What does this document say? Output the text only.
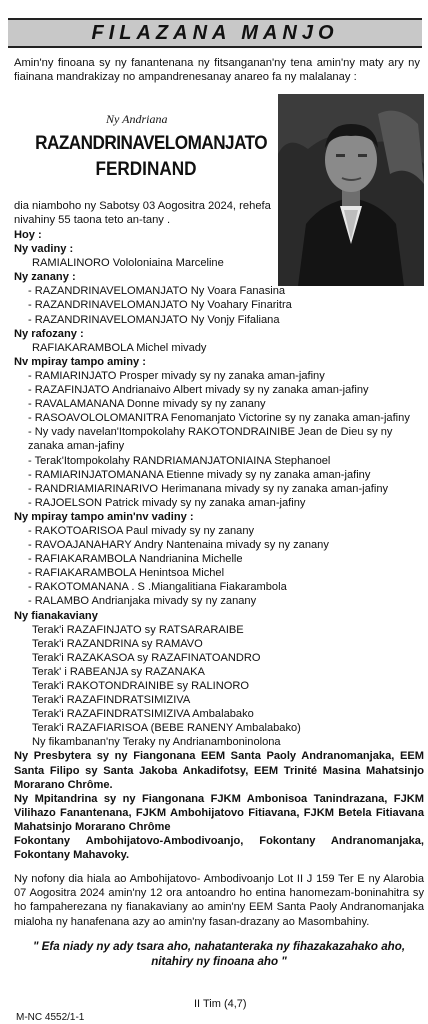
FILAZANA MANJO
Amin'ny finoana sy ny fanantenana ny fitsanganan'ny tena amin'ny maty ary ny fiainana mandrakizay no ampandrenesanay anareo fa ny malalanay :
Ny Andriana
RAZANDRINAVELOMANJATO
FERDINAND
dia niamboho ny Sabotsy 03 Aogositra 2024, rehefa nivahiny 55 taona teto an-tany .
Hoy :
Ny vadiny :
RAMIALINORO Vololoniaina Marceline
Ny zanany :
- RAZANDRINAVELOMANJATO Ny Voara Fanasina
- RAZANDRINAVELOMANJATO Ny Voahary Finaritra
- RAZANDRINAVELOMANJATO Ny Vonjy Fifaliana
Ny rafozany :
RAFIAKARAMBOLA Michel mivady
Nv mpiray tampo aminy :
- RAMIARINJATO Prosper mivady sy ny zanaka aman-jafiny
- RAZAFINJATO Andrianaivo Albert mivady sy ny zanaka aman-jafiny
- RAVALAMANANA Donne mivady sy ny zanany
- RASOAVOLOLOMANITRA Fenomanjato Victorine sy ny zanaka aman-jafiny
- Ny vady navelan'Itompokolahy RAKOTONDRAINIBE Jean de Dieu sy ny zanaka aman-jafiny
- Terak'Itompokolahy RANDRIAMANJATONIAINA Stephanoel
- RAMIARINJATOMANANA Etienne mivady sy ny zanaka aman-jafiny
- RANDRIAMIARINARIVO Herimanana mivady sy ny zanaka aman-jafiny
- RAJOELSON Patrick mivady sy ny zanaka aman-jafiny
Ny mpiray tampo amin'nv vadiny :
- RAKOTOARISOA Paul mivady sy ny zanany
- RAVOAJANAHARY Andry Nantenaina mivady sy ny zanany
- RAFIAKARAMBOLA Nandrianina Michelle
- RAFIAKARAMBOLA Henintsoa Michel
- RAKOTOMANANA . S .Miangalitiana Fiakarambola
- RALAMBO Andrianjaka mivady sy ny zanany
Ny fianakaviany
Terak'i RAZAFINJATO sy RATSARARAIBE
Terak'i RAZANDRINA sy RAMAVO
Terak'i RAZAKASOA sy RAZAFINATOANDRO
Terak' i RABEANJA sy RAZANAKA
Terak'i RAKOTONDRAINIBE sy RALINORO
Terak'i RAZAFINDRATSIMIZIVA
Terak'i RAZAFINDRATSIMIZIVA Ambalabako
Terak'i RAZAFIARISOA (BEBE RANENY Ambalabako)
Ny fikambanan'ny Teraky ny Andrianamboninolona
Ny Presbytera sy ny Fiangonana EEM Santa Paoly Andranomanjaka, EEM Santa Filipo sy Santa Jakoba Ankadifotsy, EEM Trinité Masina Mahatsinjo Morarano Chrôme.
Ny Mpitandrina sy ny Fiangonana FJKM Ambonisoa Tanindrazana, FJKM Vilihazo Fanantenana, FJKM Ambohijatovo Fitiavana, FJKM Betela Fitiavana Mahatsinjo Morarano Chrôme
Fokontany Ambohijatovo-Ambodivoanjo, Fokontany Andranomanjaka, Fokontany Mahavoky.
Ny nofony dia hiala ao Ambohijatovo- Ambodivoanjo Lot II J 159 Ter E ny Alarobia 07 Aogositra 2024 amin'ny 12 ora antoandro ho entina hanomezam-boninahitra sy ho fampaherezana ny fianakaviany ao amin'ny EEM Santa Paoly Andranomanjaka mialoha ny hanafenana azy ao amin'ny fasan-drazany ao Masombahiny.
" Efa niady ny ady tsara aho, nahatanteraka ny fihazakazahako aho, nitahiry ny finoana aho "
II Tim (4,7)
M-NC 4552/1-1
